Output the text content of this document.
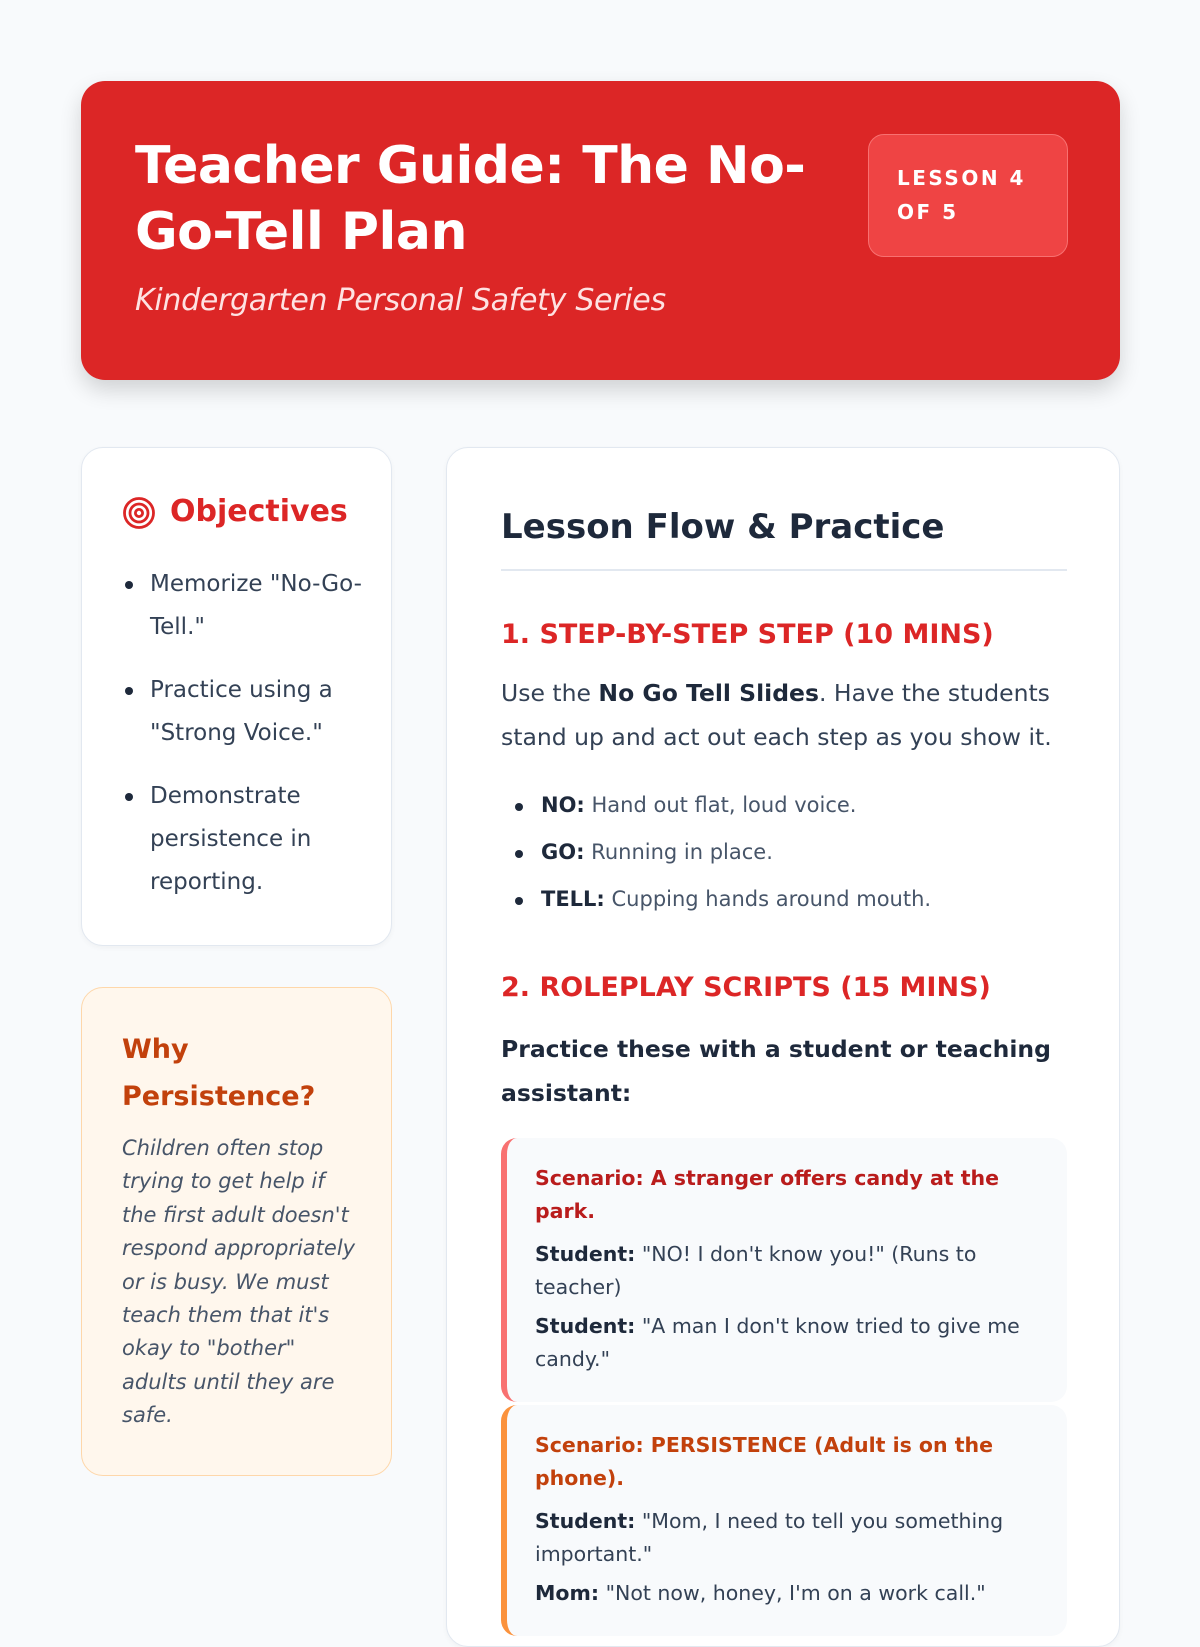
Teacher Guide: The No-Go-Tell Plan
Kindergarten Personal Safety Series
LESSON 4 OF 5
Objectives
Memorize "No-Go-Tell."
Practice using a "Strong Voice."
Demonstrate persistence in reporting.
Why Persistence?

Children often stop trying to get help if the first adult doesn't respond appropriately or is busy. We must teach them that it's okay to "bother" adults until they are safe.

Lesson Flow & Practice
1. STEP-BY-STEP STEP (10 MINS)

Use the No Go Tell Slides. Have the students stand up and act out each step as you show it.

NO: Hand out flat, loud voice.
GO: Running in place.
TELL: Cupping hands around mouth.
2. ROLEPLAY SCRIPTS (15 MINS)

Practice these with a student or teaching assistant:

Scenario: A stranger offers candy at the park.
Student: "NO! I don't know you!" (Runs to teacher)
Student: "A man I don't know tried to give me candy."
Scenario: PERSISTENCE (Adult is on the phone).
Student: "Mom, I need to tell you something important."
Mom: "Not now, honey, I'm on a work call."
